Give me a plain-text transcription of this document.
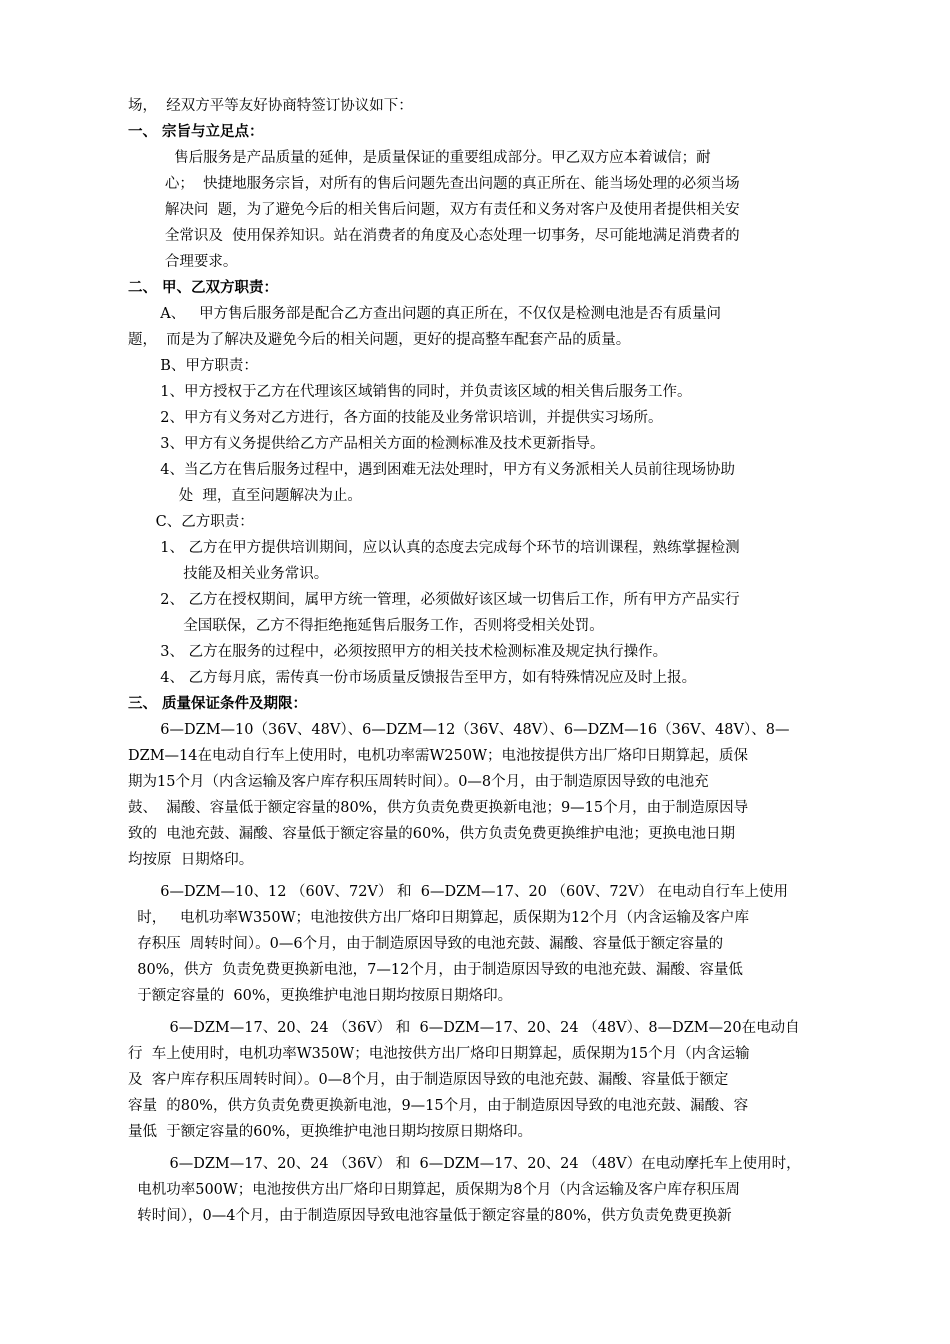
场，  经双方平等友好协商特签订协议如下：
一、 宗旨与立足点：
售后服务是产品质量的延伸，是质量保证的重要组成部分。甲乙双方应本着诚信；耐
心；  快捷地服务宗旨，对所有的售后问题先查出问题的真正所在、能当场处理的必须当场
解决问  题，为了避免今后的相关售后问题，双方有责任和义务对客户及使用者提供相关安
全常识及  使用保养知识。站在消费者的角度及心态处理一切事务，尽可能地满足消费者的
合理要求。
二、 甲、乙双方职责：
A、   甲方售后服务部是配合乙方查出问题的真正所在，不仅仅是检测电池是否有质量问
题，  而是为了解决及避免今后的相关问题，更好的提高整车配套产品的质量。
B、甲方职责：
1、甲方授权于乙方在代理该区域销售的同时，并负责该区域的相关售后服务工作。
2、甲方有义务对乙方进行，各方面的技能及业务常识培训，并提供实习场所。
3、甲方有义务提供给乙方产品相关方面的检测标准及技术更新指导。
4、当乙方在售后服务过程中，遇到困难无法处理时，甲方有义务派相关人员前往现场协助
处  理，直至问题解决为止。
C、乙方职责：
1、 乙方在甲方提供培训期间，应以认真的态度去完成每个环节的培训课程，熟练掌握检测
技能及相关业务常识。
2、 乙方在授权期间，属甲方统一管理，必须做好该区域一切售后工作，所有甲方产品实行
全国联保，乙方不得拒绝拖延售后服务工作，否则将受相关处罚。
3、 乙方在服务的过程中，必须按照甲方的相关技术检测标准及规定执行操作。
4、 乙方每月底，需传真一份市场质量反馈报告至甲方，如有特殊情况应及时上报。
三、 质量保证条件及期限：
6—DZM—10（36V、48V）、6—DZM—12（36V、48V）、6—DZM—16（36V、48V）、8—
DZM—14在电动自行车上使用时，电机功率需W250W；电池按提供方出厂烙印日期算起，质保
期为15个月（内含运输及客户库存积压周转时间）。0—8个月，由于制造原因导致的电池充
鼓、  漏酸、容量低于额定容量的80%，供方负责免费更换新电池；9—15个月，由于制造原因导
致的  电池充鼓、漏酸、容量低于额定容量的60%，供方负责免费更换维护电池；更换电池日期
均按原  日期烙印。
6—DZM—10、12 （60V、72V） 和  6—DZM—17、20 （60V、72V） 在电动自行车上使用
时，   电机功率W350W；电池按供方出厂烙印日期算起，质保期为12个月（内含运输及客户库
存积压  周转时间）。0—6个月，由于制造原因导致的电池充鼓、漏酸、容量低于额定容量的
80%，供方  负责免费更换新电池，7—12个月，由于制造原因导致的电池充鼓、漏酸、容量低
于额定容量的  60%，更换维护电池日期均按原日期烙印。
6—DZM—17、20、24 （36V） 和  6—DZM—17、20、24 （48V）、8—DZM—20在电动自
行  车上使用时，电机功率W350W；电池按供方出厂烙印日期算起，质保期为15个月（内含运输
及  客户库存积压周转时间）。0—8个月，由于制造原因导致的电池充鼓、漏酸、容量低于额定
容量  的80%，供方负责免费更换新电池，9—15个月，由于制造原因导致的电池充鼓、漏酸、容
量低  于额定容量的60%，更换维护电池日期均按原日期烙印。
6—DZM—17、20、24 （36V） 和  6—DZM—17、20、24 （48V）在电动摩托车上使用时，
电机功率500W；电池按供方出厂烙印日期算起，质保期为8个月（内含运输及客户库存积压周
转时间），0—4个月，由于制造原因导致电池容量低于额定容量的80%，供方负责免费更换新
